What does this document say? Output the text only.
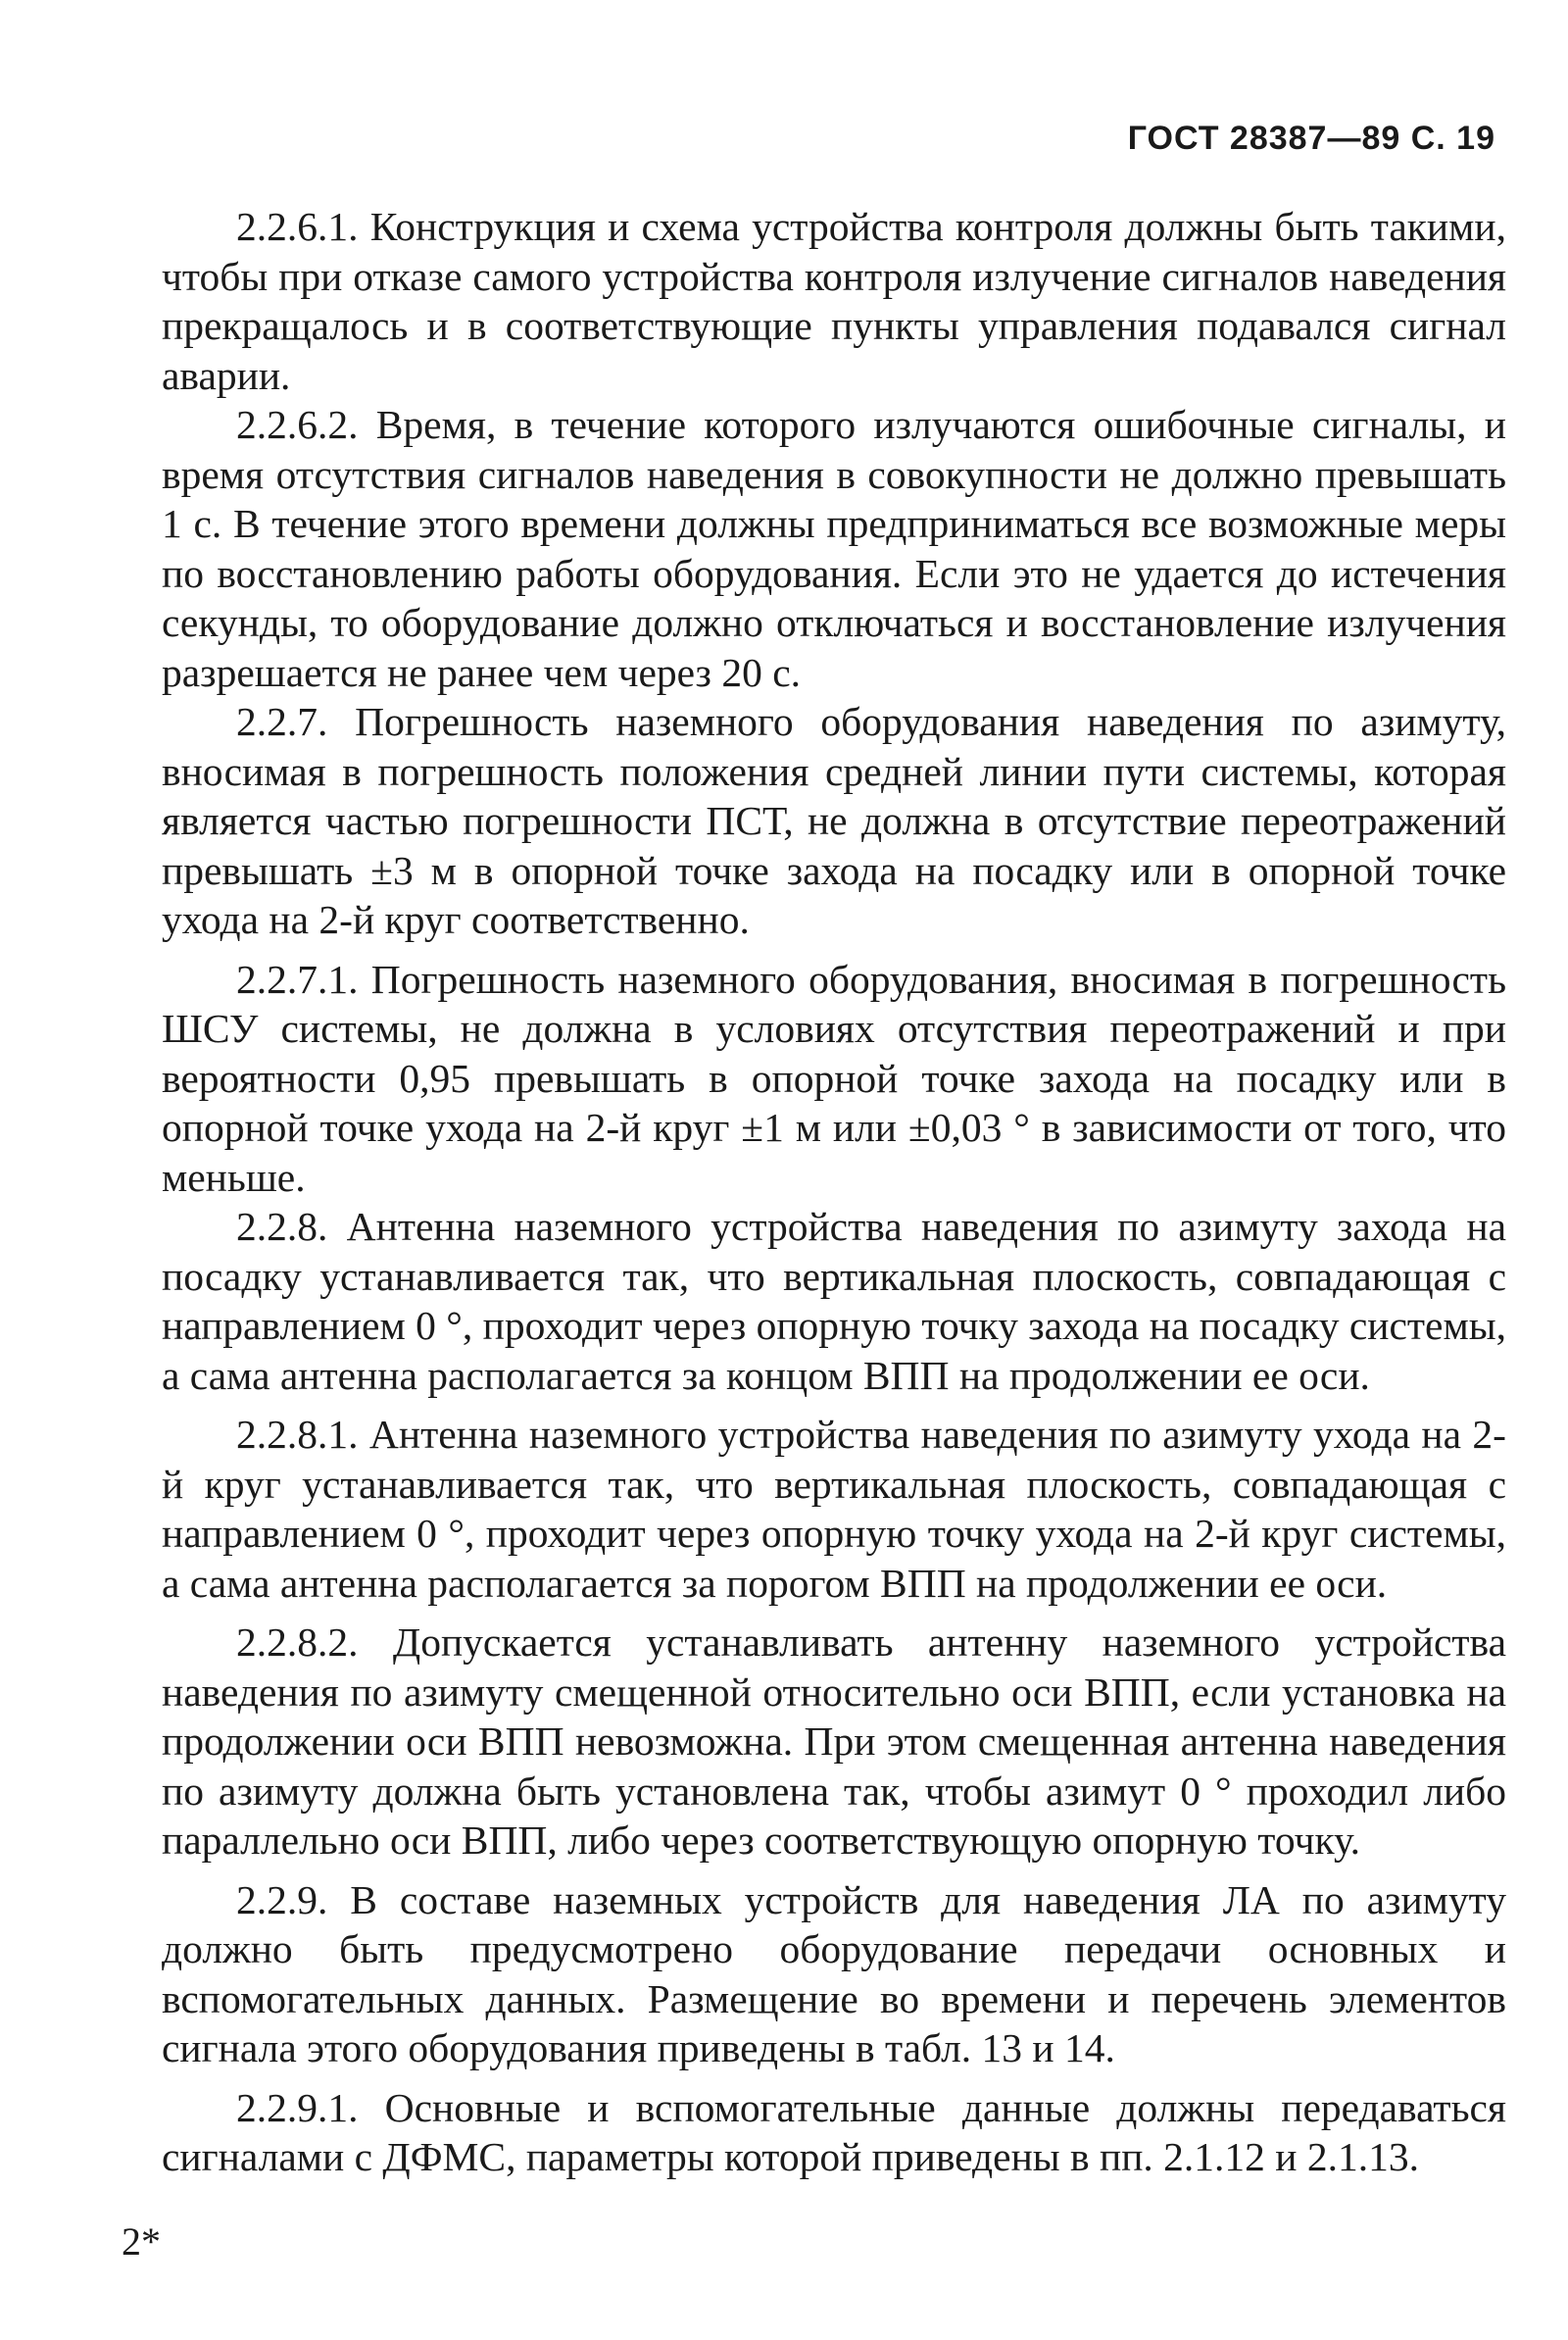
ГОСТ 28387—89 С. 19

2.2.6.1. Конструкция и схема устройства контроля должны быть такими, чтобы при отказе самого устройства контроля излучение сигналов наведения прекращалось и в соответствующие пункты управления подавался сигнал аварии.

2.2.6.2. Время, в течение которого излучаются ошибочные сигналы, и время отсутствия сигналов наведения в совокупности не должно превышать 1 с. В течение этого времени должны предприниматься все возможные меры по восстановлению работы оборудования. Если это не удается до истечения секунды, то оборудование должно отключаться и восстановление излучения разрешается не ранее чем через 20 с.

2.2.7. Погрешность наземного оборудования наведения по азимуту, вносимая в погрешность положения средней линии пути системы, которая является частью погрешности ПСТ, не должна в отсутствие переотражений превышать ±3 м в опорной точке захода на посадку или в опорной точке ухода на 2-й круг соответственно.

2.2.7.1. Погрешность наземного оборудования, вносимая в погрешность ШСУ системы, не должна в условиях отсутствия переотражений и при вероятности 0,95 превышать в опорной точке захода на посадку или в опорной точке ухода на 2-й круг ±1 м или ±0,03 ° в зависимости от того, что меньше.

2.2.8. Антенна наземного устройства наведения по азимуту захода на посадку устанавливается так, что вертикальная плоскость, совпадающая с направлением 0 °, проходит через опорную точку захода на посадку системы, а сама антенна располагается за концом ВПП на продолжении ее оси.

2.2.8.1. Антенна наземного устройства наведения по азимуту ухода на 2-й круг устанавливается так, что вертикальная плоскость, совпадающая с направлением 0 °, проходит через опорную точку ухода на 2-й круг системы, а сама антенна располагается за порогом ВПП на продолжении ее оси.

2.2.8.2. Допускается устанавливать антенну наземного устройства наведения по азимуту смещенной относительно оси ВПП, если установка на продолжении оси ВПП невозможна. При этом смещенная антенна наведения по азимуту должна быть установлена так, чтобы азимут 0 ° проходил либо параллельно оси ВПП, либо через соответствующую опорную точку.

2.2.9. В составе наземных устройств для наведения ЛА по азимуту должно быть предусмотрено оборудование передачи основных и вспомогательных данных. Размещение во времени и перечень элементов сигнала этого оборудования приведены в табл. 13 и 14.

2.2.9.1. Основные и вспомогательные данные должны передаваться сигналами с ДФМС, параметры которой приведены в пп. 2.1.12 и 2.1.13.

2*
